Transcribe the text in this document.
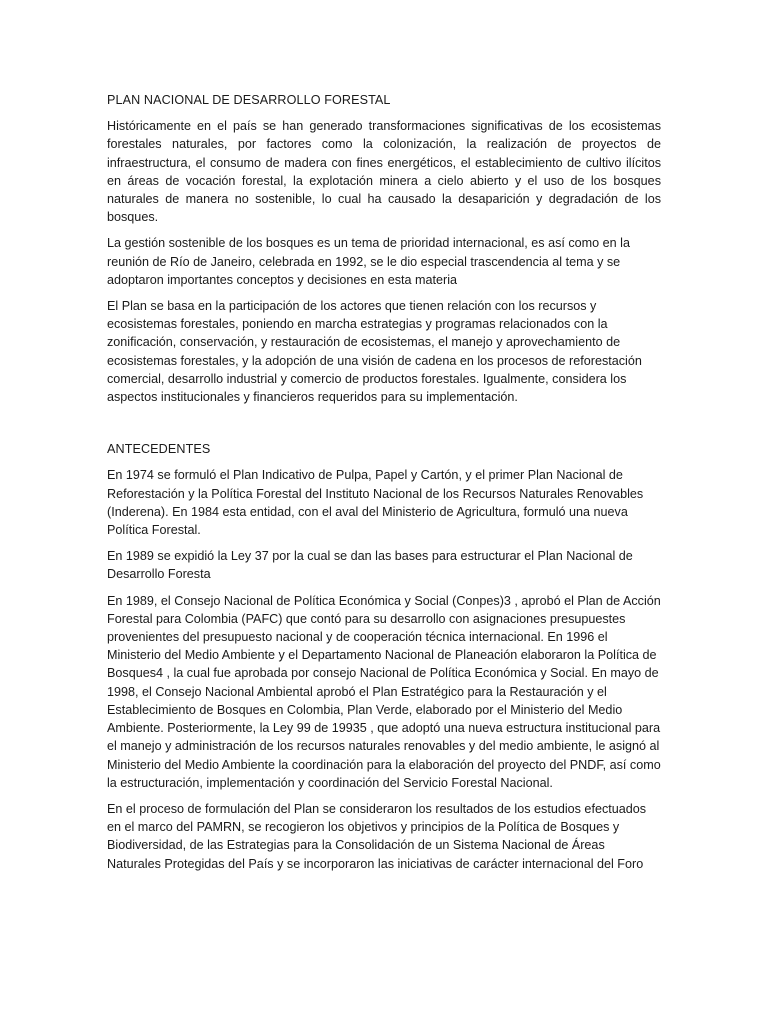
PLAN NACIONAL DE DESARROLLO FORESTAL

Históricamente en el país se han generado transformaciones significativas de los ecosistemas forestales naturales, por factores como la colonización, la realización de proyectos de infraestructura, el consumo de madera con fines energéticos, el establecimiento de cultivo ilícitos en áreas de vocación forestal, la explotación minera a cielo abierto y el uso de los bosques naturales de manera no sostenible, lo cual ha causado la desaparición y degradación de los bosques.

La gestión sostenible de los bosques es un tema de prioridad internacional, es así como en la reunión de Río de Janeiro, celebrada en 1992, se le dio especial trascendencia al tema y se adoptaron importantes conceptos y decisiones en esta materia

El Plan se basa en la participación de los actores que tienen relación con los recursos y ecosistemas forestales, poniendo en marcha estrategias y programas relacionados con la zonificación, conservación, y restauración de ecosistemas, el manejo y aprovechamiento de ecosistemas forestales, y la adopción de una visión de cadena en los procesos de reforestación comercial, desarrollo industrial y comercio de productos forestales. Igualmente, considera los aspectos institucionales y financieros requeridos para su implementación.

ANTECEDENTES

En 1974 se formuló el Plan Indicativo de Pulpa, Papel y Cartón, y el primer Plan Nacional de Reforestación y la Política Forestal del Instituto Nacional de los Recursos Naturales Renovables (Inderena). En 1984 esta entidad, con el aval del Ministerio de Agricultura, formuló una nueva Política Forestal.

En 1989 se expidió la Ley 37 por la cual se dan las bases para estructurar el Plan Nacional de Desarrollo Foresta

En 1989, el Consejo Nacional de Política Económica y Social (Conpes)3 , aprobó el Plan de Acción Forestal para Colombia (PAFC) que contó para su desarrollo con asignaciones presupuestes provenientes del presupuesto nacional y de cooperación técnica internacional. En 1996 el Ministerio del Medio Ambiente y el Departamento Nacional de Planeación elaboraron la Política de Bosques4 , la cual fue aprobada por consejo Nacional de Política Económica y Social. En mayo de 1998, el Consejo Nacional Ambiental aprobó el Plan Estratégico para la Restauración y el Establecimiento de Bosques en Colombia, Plan Verde, elaborado por el Ministerio del Medio Ambiente. Posteriormente, la Ley 99 de 19935 , que adoptó una nueva estructura institucional para el manejo y administración de los recursos naturales renovables y del medio ambiente, le asignó al Ministerio del Medio Ambiente la coordinación para la elaboración del proyecto del PNDF, así como la estructuración, implementación y coordinación del Servicio Forestal Nacional.

En el proceso de formulación del Plan se consideraron los resultados de los estudios efectuados en el marco del PAMRN, se recogieron los objetivos y principios de la Política de Bosques y Biodiversidad, de las Estrategias para la Consolidación de un Sistema Nacional de Áreas Naturales Protegidas del País y se incorporaron las iniciativas de carácter internacional del Foro
